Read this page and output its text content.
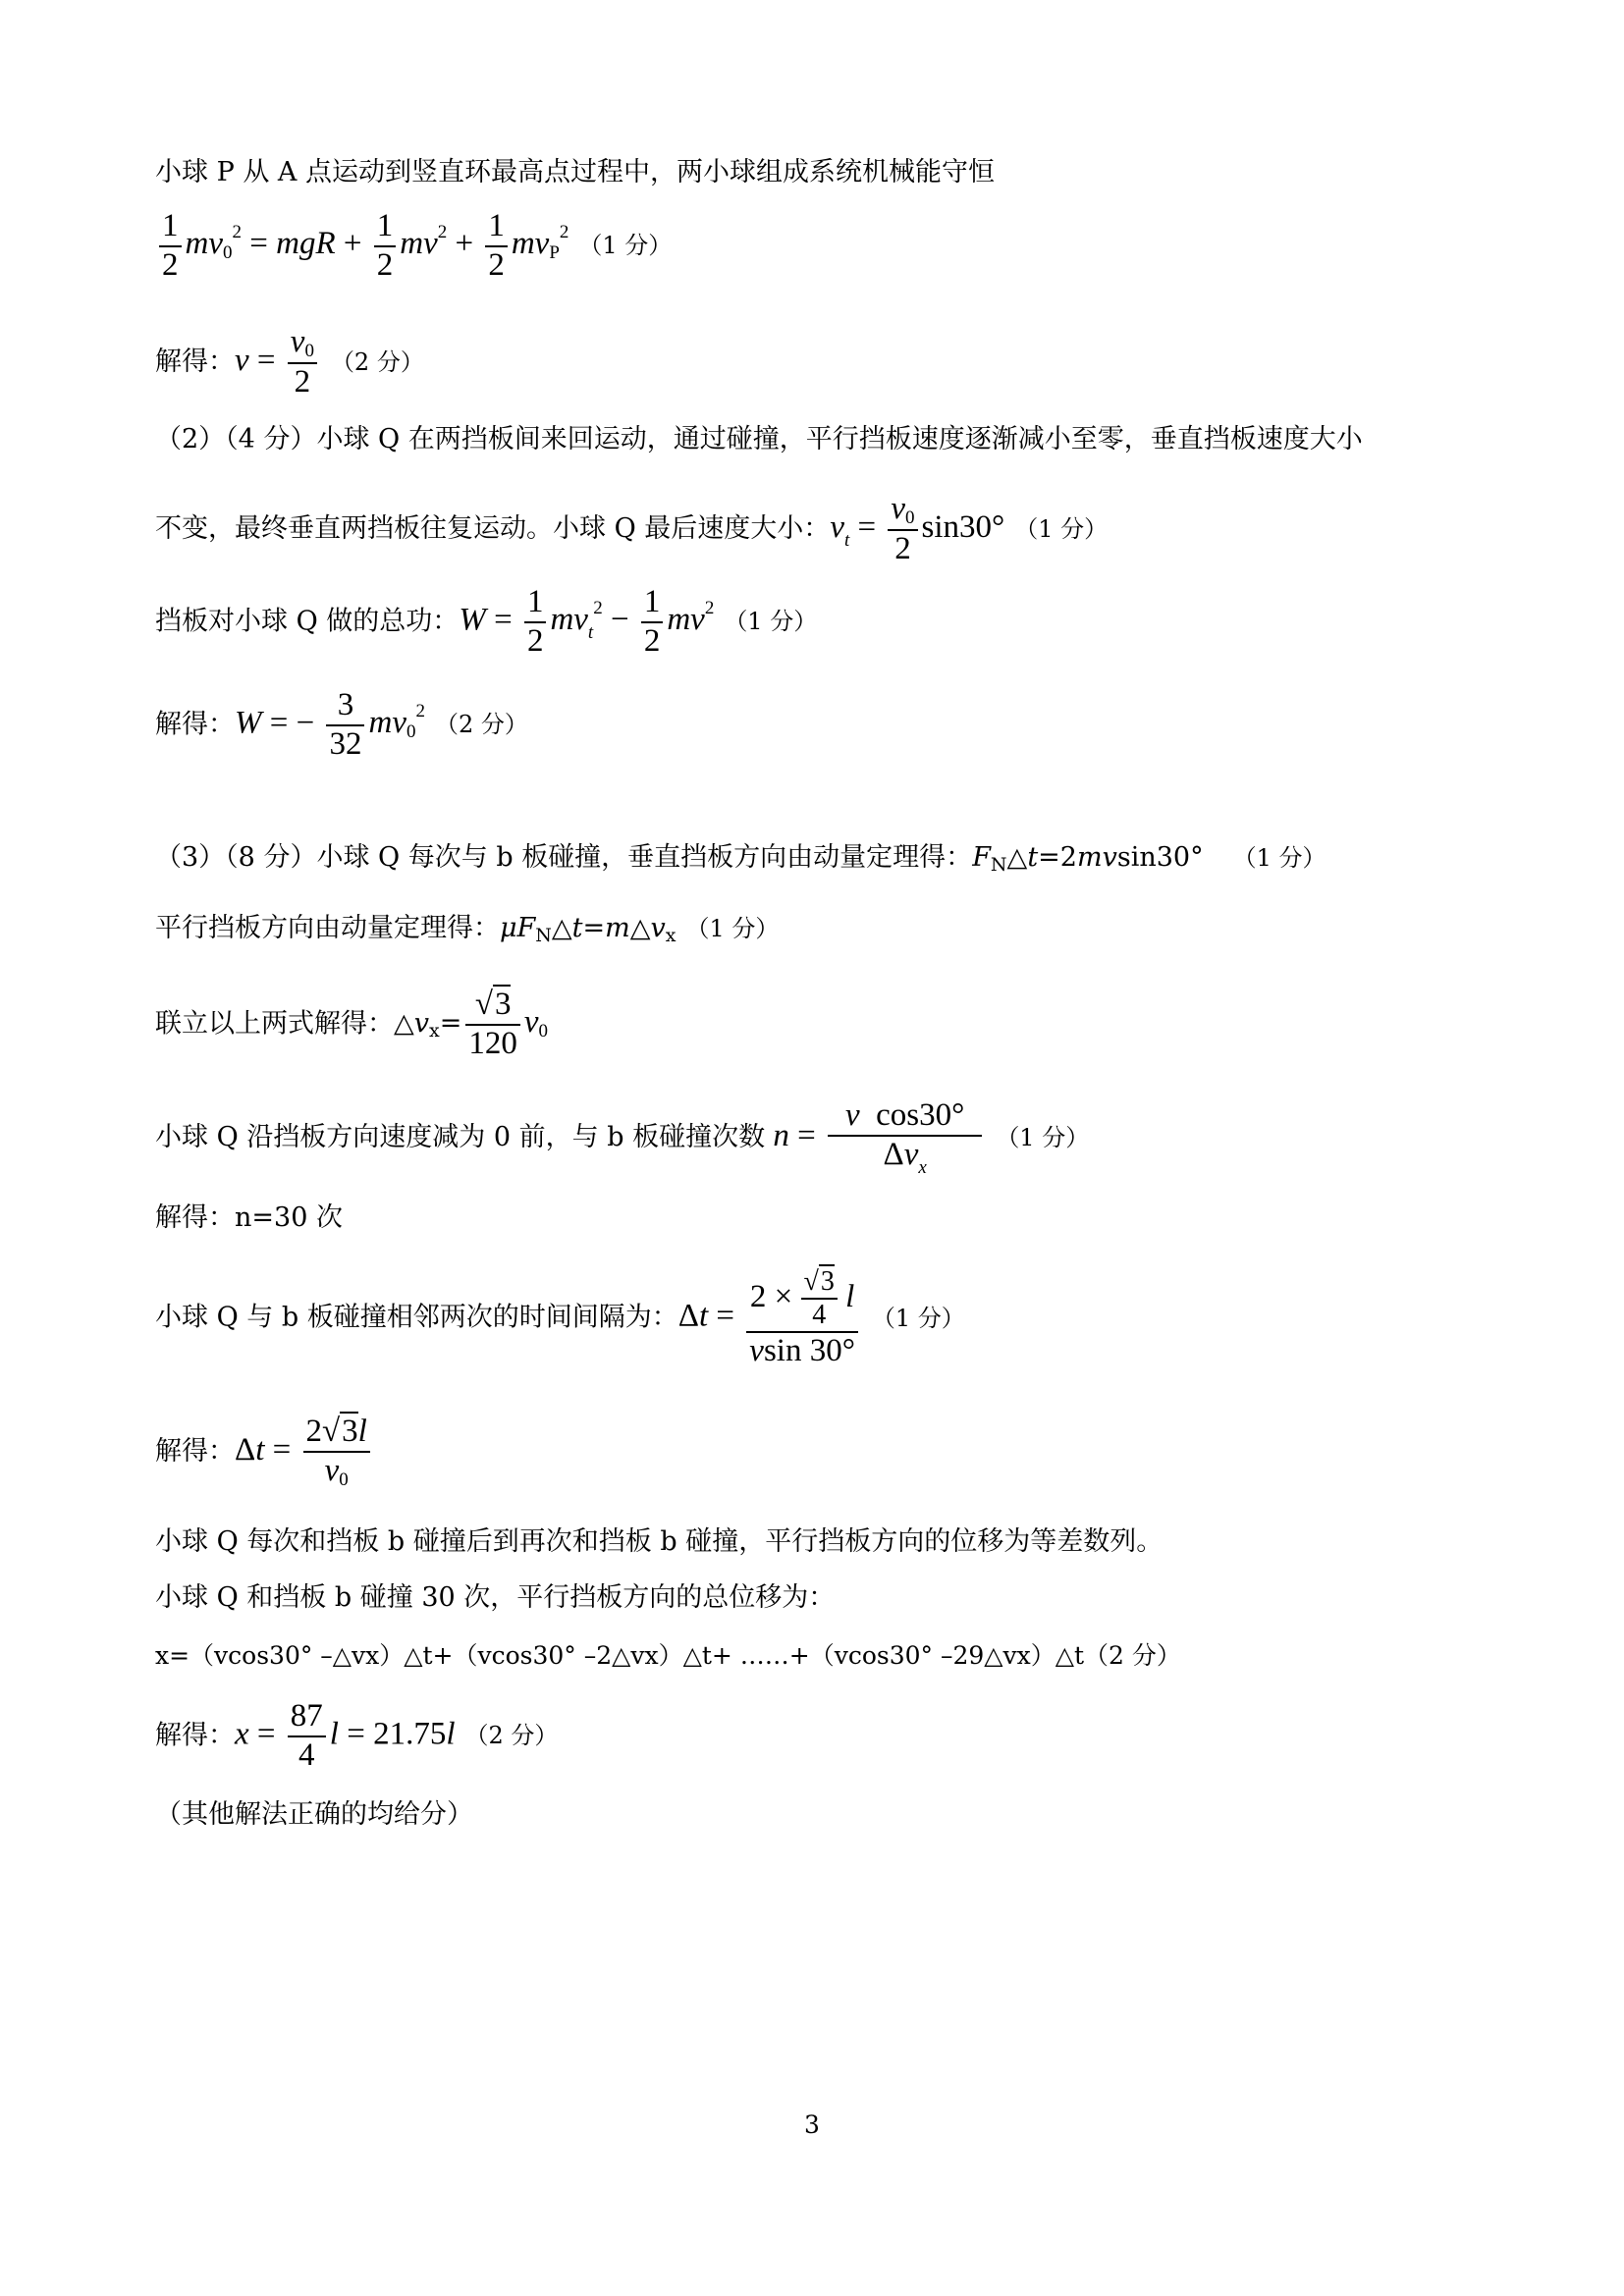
小球 P 从 A 点运动到竖直环最高点过程中，两小球组成系统机械能守恒
$\frac{1}{2} mv0^2$ = mgR + $\frac{1}{2} mv^2 + \frac{1}{2} mvP^2$ （1 分）
解得：$v = \frac{v0}{2} (2$ 分）
（2）（4 分）小球 Q 在两挡板间来回运动，通过碰撞，平行挡板速度逐渐减小至零，垂直挡板速度大小
不变，最终垂直两挡板往复运动。小球 Q 最后速度大小：$v_t = \frac{v0}{2} \sin 30^\circ$ （1 分）
挡板对小球 Q 做的总功：$W = \frac{1}{2} mv_t^2 - \frac{1}{2} mv^2$ （1 分）
解得：W = − $\frac{3}{32} mv0^2$ （2 分）
（3）（8 分）小球 Q 每次与 b 板碰撞，垂直挡板方向由动量定理得：FN△t=2mvsin30° （1 分）
平行挡板方向由动量定理得：μFN△t=m△vx （1 分）
联立以上两式解得：△vx= $\frac{√3}{120} v0$
小球 Q 沿挡板方向速度减为 0 前，与 b 板碰撞次数 $n = \frac{\text{v  cos30°}}{\Delta v_x} (1$ 分）
解得：n=30 次
小球 Q 与 b 板碰撞相邻两次的时间间隔为：$\Delta t = \frac{2 \times \frac{√3}{4} l}{vsin 30^\circ} (1$ 分）
解得：$\Delta t = \frac{2√3l}{v0}$
小球 Q 每次和挡板 b 碰撞后到再次和挡板 b 碰撞，平行挡板方向的位移为等差数列。
小球 Q 和挡板 b 碰撞 30 次，平行挡板方向的总位移为：
x=（vcos30° –△vx）△t+（vcos30° –2△vx）△t+ ……+（vcos30° –29△vx）△t（2 分）
解得：$x = \frac{87}{4}$ l = 21.75l （2 分）
（其他解法正确的均给分）
3
